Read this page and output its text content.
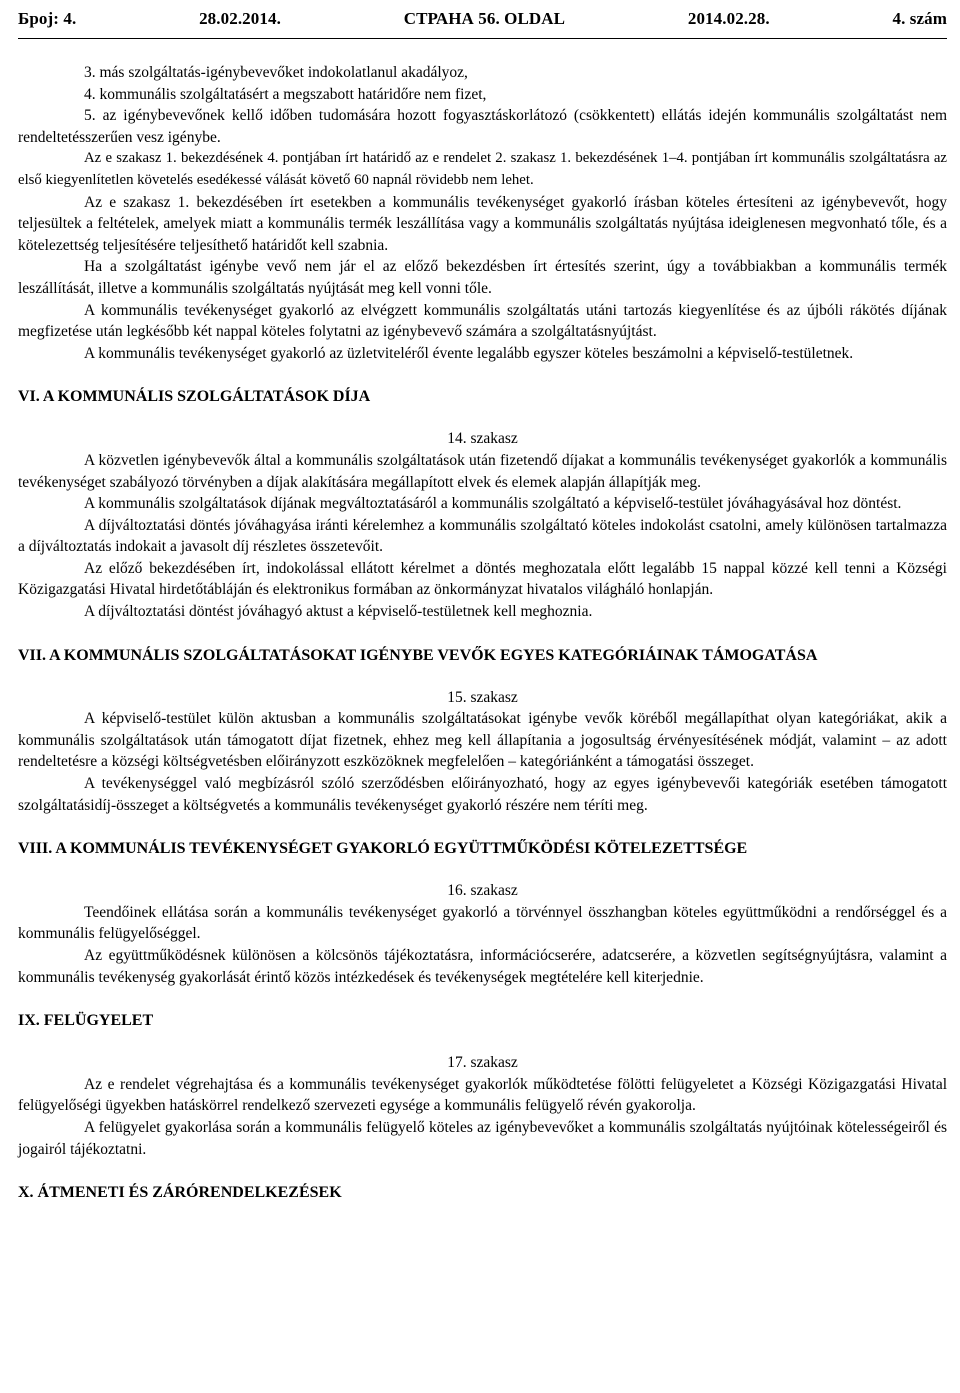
Број: 4.	28.02.2014.	СТРАНА 56. OLDAL	2014.02.28.	4. szám

3. más szolgáltatás-igénybevevőket indokolatlanul akadályoz,

4. kommunális szolgáltatásért a megszabott határidőre nem fizet,

5. az igénybevevőnek kellő időben tudomására hozott fogyasztáskorlátozó (csökkentett) ellátás idején kommunális szolgáltatást nem rendeltetésszerűen vesz igénybe.

Az e szakasz 1. bekezdésének 4. pontjában írt határidő az e rendelet 2. szakasz 1. bekezdésének 1–4. pontjában írt kommunális szolgáltatásra az első kiegyenlítetlen követelés esedékessé válását követő 60 napnál rövidebb nem lehet.

Az e szakasz 1. bekezdésében írt esetekben a kommunális tevékenységet gyakorló írásban köteles értesíteni az igénybevevőt, hogy teljesültek a feltételek, amelyek miatt a kommunális termék leszállítása vagy a kommunális szolgáltatás nyújtása ideiglenesen megvonható tőle, és a kötelezettség teljesítésére teljesíthető határidőt kell szabnia.

Ha a szolgáltatást igénybe vevő nem jár el az előző bekezdésben írt értesítés szerint, úgy a továbbiakban a kommunális termék leszállítását, illetve a kommunális szolgáltatás nyújtását meg kell vonni tőle.

A kommunális tevékenységet gyakorló az elvégzett kommunális szolgáltatás utáni tartozás kiegyenlítése és az újbóli rákötés díjának megfizetése után legkésőbb két nappal köteles folytatni az igénybevevő számára a szolgáltatásnyújtást.

A kommunális tevékenységet gyakorló az üzletviteléről évente legalább egyszer köteles beszámolni a képviselő-testületnek.

VI. A KOMMUNÁLIS SZOLGÁLTATÁSOK DÍJA

14. szakasz

A közvetlen igénybevevők által a kommunális szolgáltatások után fizetendő díjakat a kommunális tevékenységet gyakorlók a kommunális tevékenységet szabályozó törvényben a díjak alakítására megállapított elvek és elemek alapján állapítják meg.

A kommunális szolgáltatások díjának megváltoztatásáról a kommunális szolgáltató a képviselő-testület jóváhagyásával hoz döntést.

A díjváltoztatási döntés jóváhagyása iránti kérelemhez a kommunális szolgáltató köteles indokolást csatolni, amely különösen tartalmazza a díjváltoztatás indokait a javasolt díj részletes összetevőit.

Az előző bekezdésében írt, indokolással ellátott kérelmet a döntés meghozatala előtt legalább 15 nappal közzé kell tenni a Községi Közigazgatási Hivatal hirdetőtábláján és elektronikus formában az önkormányzat hivatalos világháló honlapján.

A díjváltoztatási döntést jóváhagyó aktust a képviselő-testületnek kell meghoznia.

VII. A KOMMUNÁLIS SZOLGÁLTATÁSOKAT IGÉNYBE VEVŐK EGYES KATEGÓRIÁINAK TÁMOGATÁSA

15. szakasz

A képviselő-testület külön aktusban a kommunális szolgáltatásokat igénybe vevők köréből megállapíthat olyan kategóriákat, akik a kommunális szolgáltatások után támogatott díjat fizetnek, ehhez meg kell állapítania a jogosultság érvényesítésének módját, valamint – az adott rendeltetésre a községi költségvetésben előirányzott eszközöknek megfelelően – kategóriánként a támogatási összeget.

A tevékenységgel való megbízásról szóló szerződésben előirányozható, hogy az egyes igénybevevői kategóriák esetében támogatott szolgáltatásidíj-összeget a költségvetés a kommunális tevékenységet gyakorló részére nem téríti meg.

VIII. A KOMMUNÁLIS TEVÉKENYSÉGET GYAKORLÓ EGYÜTTMŰKÖDÉSI KÖTELEZETTSÉGE

16. szakasz

Teendőinek ellátása során a kommunális tevékenységet gyakorló a törvénnyel összhangban köteles együttműködni a rendőrséggel és a kommunális felügyelőséggel.

Az együttműködésnek különösen a kölcsönös tájékoztatásra, információcserére, adatcserére, a közvetlen segítségnyújtásra, valamint a kommunális tevékenység gyakorlását érintő közös intézkedések és tevékenységek megtételére kell kiterjednie.

IX. FELÜGYELET

17. szakasz

Az e rendelet végrehajtása és a kommunális tevékenységet gyakorlók működtetése fölötti felügyeletet a Községi Közigazgatási Hivatal felügyelőségi ügyekben hatáskörrel rendelkező szervezeti egysége a kommunális felügyelő révén gyakorolja.

A felügyelet gyakorlása során a kommunális felügyelő köteles az igénybevevőket a kommunális szolgáltatás nyújtóinak kötelességeiről és jogairól tájékoztatni.

X. ÁTMENETI ÉS ZÁRÓRENDELKEZÉSEK
